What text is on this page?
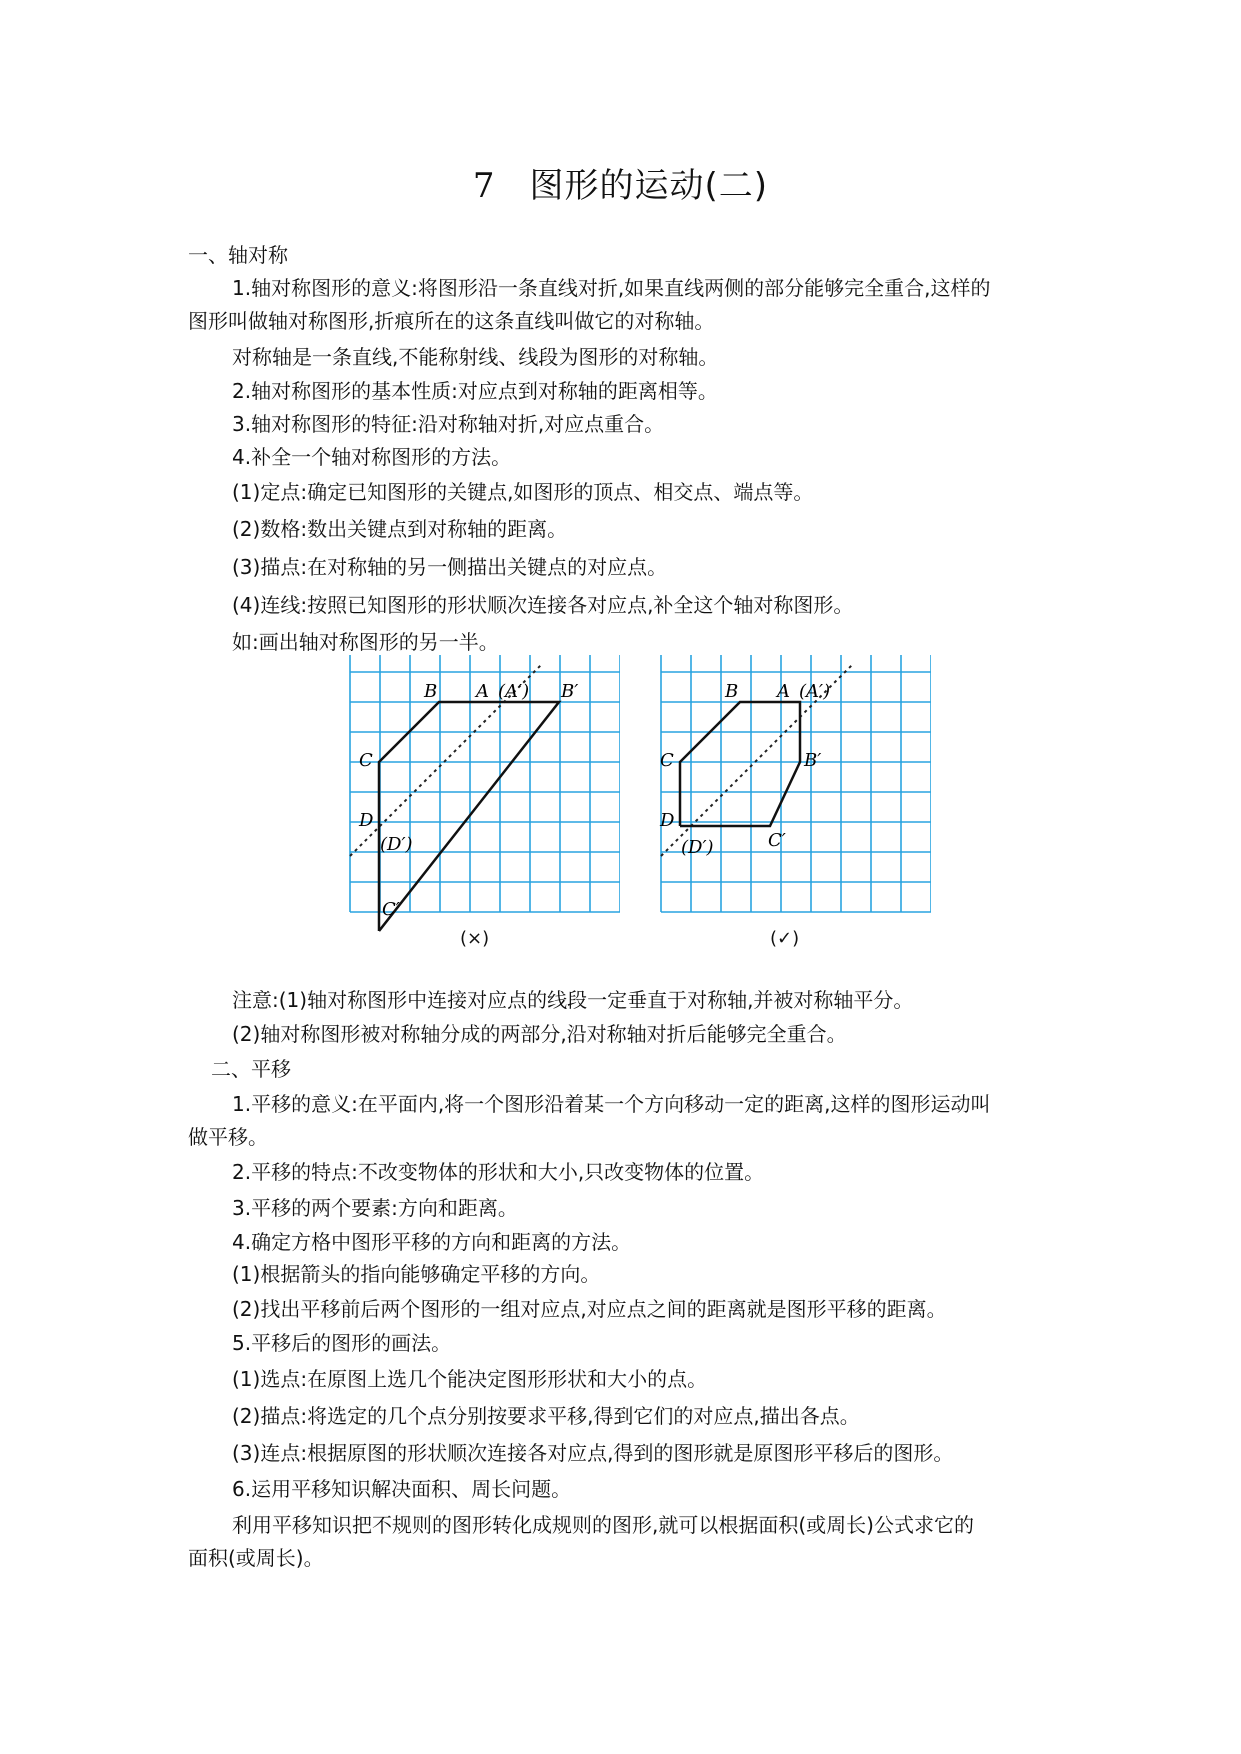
7 图形的运动(二)
一、轴对称
1.轴对称图形的意义:将图形沿一条直线对折,如果直线两侧的部分能够完全重合,这样的
图形叫做轴对称图形,折痕所在的这条直线叫做它的对称轴。
对称轴是一条直线,不能称射线、线段为图形的对称轴。
2.轴对称图形的基本性质:对应点到对称轴的距离相等。
3.轴对称图形的特征:沿对称轴对折,对应点重合。
4.补全一个轴对称图形的方法。
(1)定点:确定已知图形的关键点,如图形的顶点、相交点、端点等。
(2)数格:数出关键点到对称轴的距离。
(3)描点:在对称轴的另一侧描出关键点的对应点。
(4)连线:按照已知图形的形状顺次连接各对应点,补全这个轴对称图形。
如:画出轴对称图形的另一半。
B A (A′) B′
C
D
(D′)
C′
(×)
B A (A′)
B′
C
D
(D′)	C′
(✓)
注意:(1)轴对称图形中连接对应点的线段一定垂直于对称轴,并被对称轴平分。
(2)轴对称图形被对称轴分成的两部分,沿对称轴对折后能够完全重合。
二、平移
1.平移的意义:在平面内,将一个图形沿着某一个方向移动一定的距离,这样的图形运动叫
做平移。
2.平移的特点:不改变物体的形状和大小,只改变物体的位置。
3.平移的两个要素:方向和距离。
4.确定方格中图形平移的方向和距离的方法。
(1)根据箭头的指向能够确定平移的方向。
(2)找出平移前后两个图形的一组对应点,对应点之间的距离就是图形平移的距离。
5.平移后的图形的画法。
(1)选点:在原图上选几个能决定图形形状和大小的点。
(2)描点:将选定的几个点分别按要求平移,得到它们的对应点,描出各点。
(3)连点:根据原图的形状顺次连接各对应点,得到的图形就是原图形平移后的图形。
6.运用平移知识解决面积、周长问题。
利用平移知识把不规则的图形转化成规则的图形,就可以根据面积(或周长)公式求它的
面积(或周长)。
